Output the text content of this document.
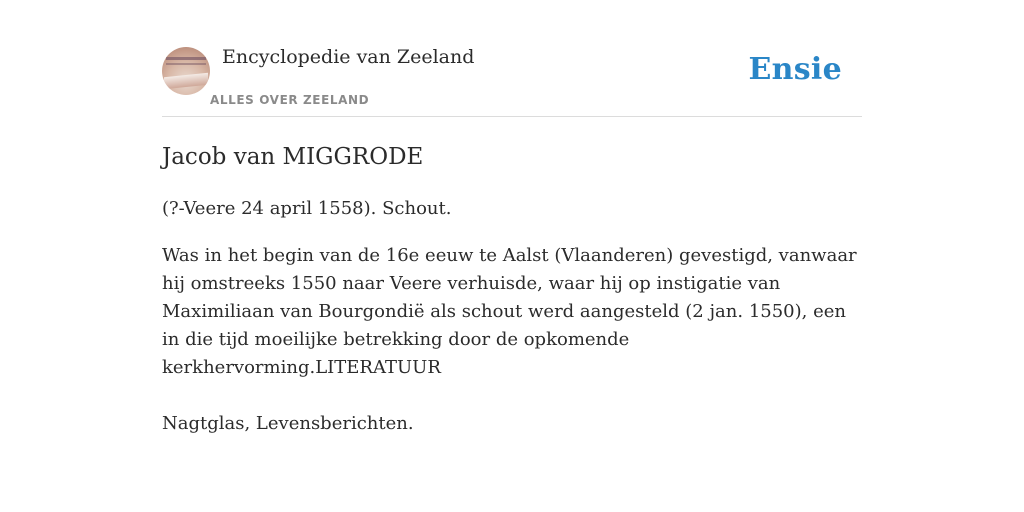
Encyclopedie van Zeeland
ALLES OVER ZEELAND
Ensie
Jacob van MIGGRODE
(?-Veere 24 april 1558). Schout.
Was in het begin van de 16e eeuw te Aalst (Vlaanderen) gevestigd, vanwaar hij omstreeks 1550 naar Veere verhuisde, waar hij op instigatie van Maximiliaan van Bourgondië als schout werd aangesteld (2 jan. 1550), een in die tijd moeilijke betrekking door de opkomende kerkhervorming.LITERATUUR
Nagtglas, Levensberichten.
